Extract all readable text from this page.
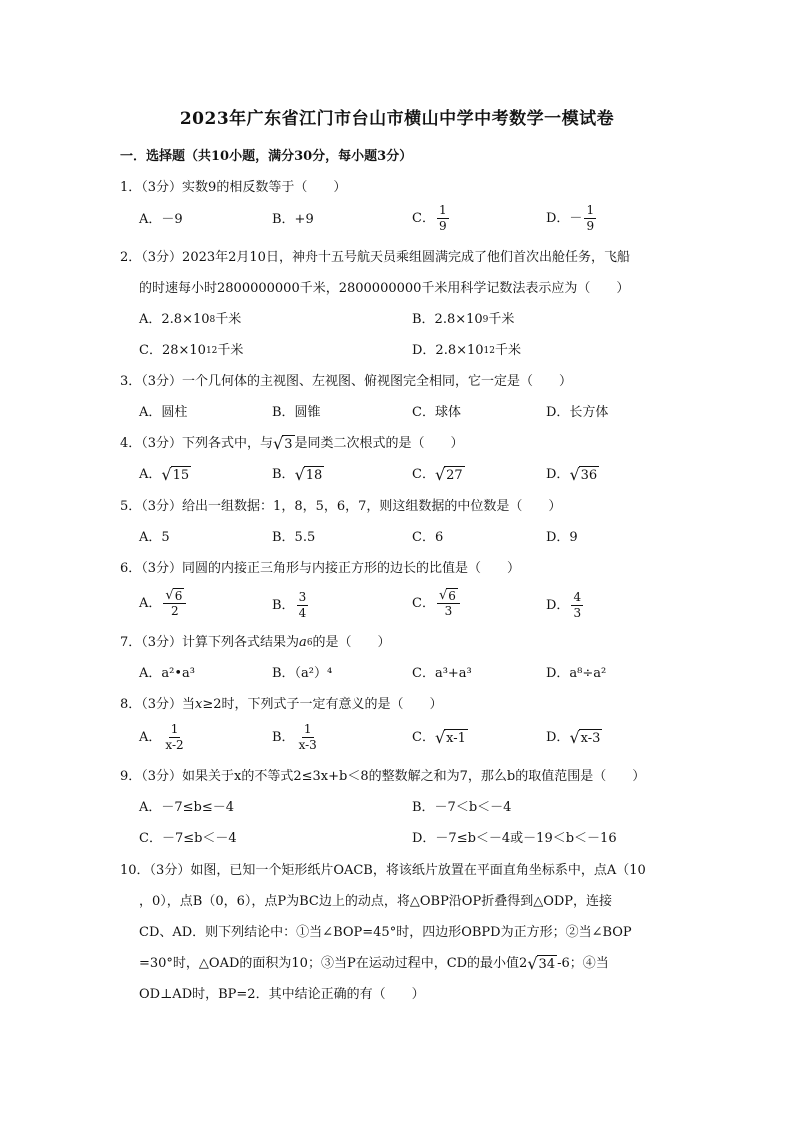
2023年广东省江门市台山市横山中学中考数学一模试卷
一．选择题（共10小题，满分30分，每小题3分）
1．（3分）实数9的相反数等于（　　）
A．－9	B．+9	C． $\frac{1}{9}$	D．－ $\frac{1}{9}$
2．（3分）2023年2月10日，神舟十五号航天员乘组圆满完成了他们首次出舱任务，飞船
的时速每小时2800000000千米，2800000000千米用科学记数法表示应为（　　）
A．2.8×10 8 千米	B．2.8×10 9 千米
C．28×10 12 千米	D．2.8×10 12 千米
3．（3分）一个几何体的主视图、左视图、俯视图完全相同，它一定是（　　）
A．圆柱	B．圆锥	C．球体	D．长方体
4．（3分）下列各式中，与 √ 3 是同类二次根式的是（　　）
A． √ 15	B． √ 18	C． √ 27	D． √ 36
5．（3分）给出一组数据：1，8，5，6，7，则这组数据的中位数是（　　）
A．5	B．5.5	C．6	D．9
6．（3分）同圆的内接正三角形与内接正方形的边长的比值是（　　）
A． $\frac{√ 6}{2}$	B． $\frac{3}{4}$	C． $\frac{√ 6}{3}$	D． $\frac{4}{3}$
7．（3分）计算下列各式结果为 a 6 的是（　　）
A．a²•a³	B．（a²）⁴	C．a³+a³	D．a⁸÷a²
8．（3分）当 x ≥2时，下列式子一定有意义的是（　　）
A． $\frac{1}{x-2}$	B． $\frac{1}{x-3}$	C． √ x-1	D． √ x-3
9．（3分）如果关于x的不等式2≤3x+b＜8的整数解之和为7，那么b的取值范围是（　　）
A．－7≤b≤－4	B．－7＜b＜－4
C．－7≤b＜－4	D．－7≤b＜－4或－19＜b＜－16
10．（3分）如图，已知一个矩形纸片OACB，将该纸片放置在平面直角坐标系中，点A（10
，0），点B（0，6），点P为BC边上的动点，将△OBP沿OP折叠得到△ODP，连接
CD、AD．则下列结论中：①当∠BOP=45°时，四边形OBPD为正方形；②当∠BOP
=30°时，△OAD的面积为10；③当P在运动过程中，CD的最小值2 √ 34 -6；④当
OD⊥AD时，BP=2．其中结论正确的有（　　）
